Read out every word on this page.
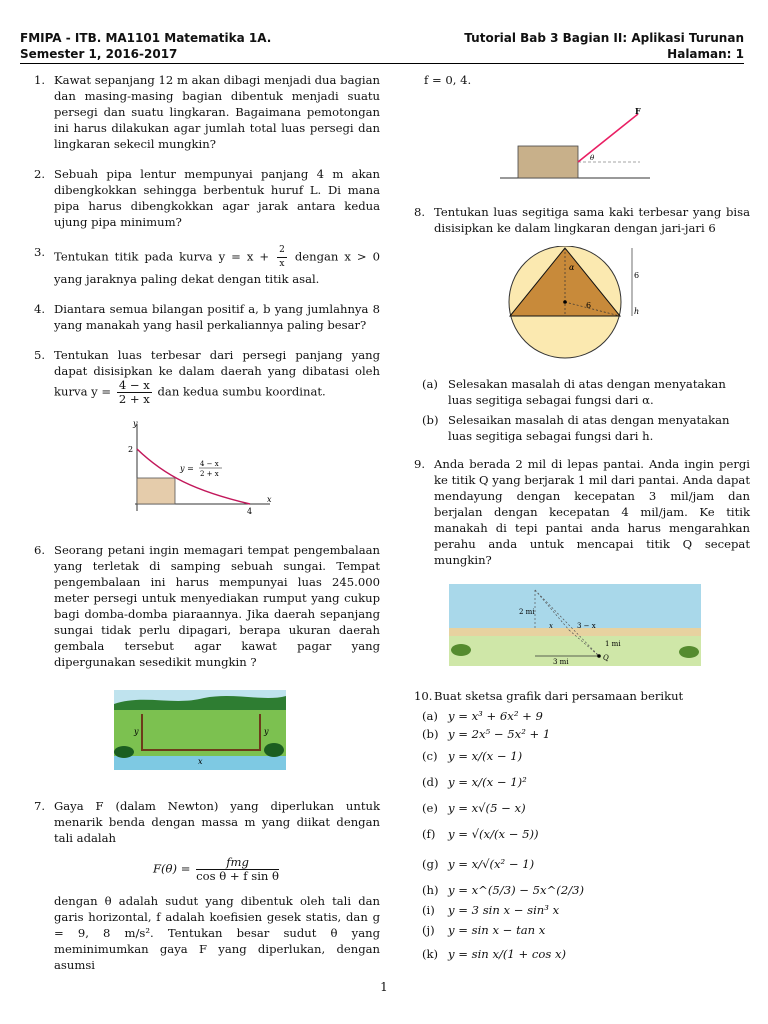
FMIPA - ITB. MA1101 Matematika 1A.
Semester 1, 2016-2017
Tutorial Bab 3 Bagian II: Aplikasi Turunan
Halaman: 1
1. Kawat sepanjang 12 m akan dibagi menjadi dua bagian dan masing-masing bagian dibentuk menjadi suatu persegi dan suatu lingkaran. Bagaimana pemotongan ini harus dilakukan agar jumlah total luas persegi dan lingkaran sekecil mungkin?
2. Sebuah pipa lentur mempunyai panjang 4 m akan dibengkokkan sehingga berbentuk huruf L. Di mana pipa harus dibengkokkan agar jarak antara kedua ujung pipa minimum?
3. Tentukan titik pada kurva $y = x + \frac{2}{x}$ dengan x > 0 yang jaraknya paling dekat dengan titik asal.
4. Diantara semua bilangan positif a, b yang jumlahnya 8 yang manakah yang hasil perkaliannya paling besar?
5. Tentukan luas terbesar dari persegi panjang yang dapat disisipkan ke dalam daerah yang dibatasi oleh kurva $y = \frac{4 - x}{2 + x}$ dan kedua sumbu koordinat.
y
x
2
4
y = 4 − x
2 + x
6. Seorang petani ingin memagari tempat pengembalaan yang terletak di samping sebuah sungai. Tempat pengembalaan ini harus mempunyai luas 245.000 meter persegi untuk menyediakan rumput yang cukup bagi domba-domba piaraannya. Jika daerah sepanjang sungai tidak perlu dipagari, berapa ukuran daerah gembala tersebut agar kawat pagar yang dipergunakan sesedikit mungkin ?
y	y
x
7. Gaya F (dalam Newton) yang diperlukan untuk menarik benda dengan massa m yang diikat dengan tali adalah
$F(\theta) = \frac{\text{fmg}}{\text{cos θ + f sin θ}}$
dengan θ adalah sudut yang dibentuk oleh tali dan garis horizontal, f adalah koefisien gesek statis, dan g = 9, 8 m/s². Tentukan besar sudut θ yang meminimumkan gaya F yang diperlukan, dengan asumsi
f = 0, 4.
F
θ
8. Tentukan luas segitiga sama kaki terbesar yang bisa disisipkan ke dalam lingkaran dengan jari-jari 6
α
6
6
h
(a) Selesakan masalah di atas dengan menyatakan luas segitiga sebagai fungsi dari α.
(b) Selesaikan masalah di atas dengan menyatakan luas segitiga sebagai fungsi dari h.
9. Anda berada 2 mil di lepas pantai. Anda ingin pergi ke titik Q yang berjarak 1 mil dari pantai. Anda dapat mendayung dengan kecepatan 3 mil/jam dan berjalan dengan kecepatan 4 mil/jam. Ke titik manakah di tepi pantai anda harus mengarahkan perahu anda untuk mencapai titik Q secepat mungkin?
2 mi
3 mi
3 − x
x
1 mi
Q
10. Buat sketsa grafik dari persamaan berikut
(a) y = x³ + 6x² + 9
(b) y = 2x⁵ − 5x² + 1
(c) y = x/(x − 1)
(d) y = x/(x − 1)²
(e) y = x√(5 − x)
(f) y = √(x/(x − 5))
(g) y = x/√(x² − 1)
(h) y = x^(5/3) − 5x^(2/3)
(i) y = 3 sin x − sin³ x
(j) y = sin x − tan x
(k) y = sin x/(1 + cos x)
1
